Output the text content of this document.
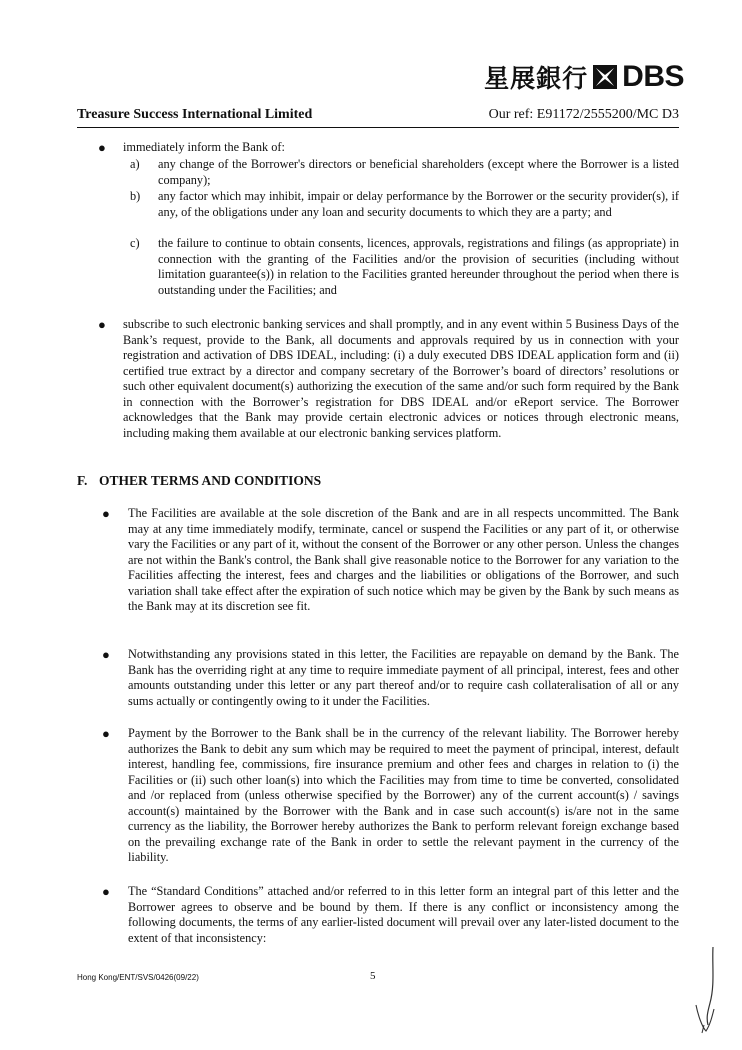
星展銀行 DBS
Treasure Success International Limited	Our ref: E91172/2555200/MC D3
● immediately inform the Bank of:
a) any change of the Borrower's directors or beneficial shareholders (except where the Borrower is a listed company);
b) any factor which may inhibit, impair or delay performance by the Borrower or the security provider(s), if any, of the obligations under any loan and security documents to which they are a party; and
c) the failure to continue to obtain consents, licences, approvals, registrations and filings (as appropriate) in connection with the granting of the Facilities and/or the provision of securities (including without limitation guarantee(s)) in relation to the Facilities granted hereunder throughout the period when there is outstanding under the Facilities; and
● subscribe to such electronic banking services and shall promptly, and in any event within 5 Business Days of the Bank’s request, provide to the Bank, all documents and approvals required by us in connection with your registration and activation of DBS IDEAL, including: (i) a duly executed DBS IDEAL application form and (ii) certified true extract by a director and company secretary of the Borrower’s board of directors’ resolutions or such other equivalent document(s) authorizing the execution of the same and/or such form required by the Bank in connection with the Borrower’s registration for DBS IDEAL and/or eReport service. The Borrower acknowledges that the Bank may provide certain electronic advices or notices through electronic means, including making them available at our electronic banking services platform.
F. OTHER TERMS AND CONDITIONS
● The Facilities are available at the sole discretion of the Bank and are in all respects uncommitted. The Bank may at any time immediately modify, terminate, cancel or suspend the Facilities or any part of it, or otherwise vary the Facilities or any part of it, without the consent of the Borrower or any other person. Unless the changes are not within the Bank's control, the Bank shall give reasonable notice to the Borrower for any variation to the Facilities affecting the interest, fees and charges and the liabilities or obligations of the Borrower, and such variation shall take effect after the expiration of such notice which may be given by the Bank by such means as the Bank may at its discretion see fit.
● Notwithstanding any provisions stated in this letter, the Facilities are repayable on demand by the Bank. The Bank has the overriding right at any time to require immediate payment of all principal, interest, fees and other amounts outstanding under this letter or any part thereof and/or to require cash collateralisation of all or any sums actually or contingently owing to it under the Facilities.
● Payment by the Borrower to the Bank shall be in the currency of the relevant liability. The Borrower hereby authorizes the Bank to debit any sum which may be required to meet the payment of principal, interest, default interest, handling fee, commissions, fire insurance premium and other fees and charges in relation to (i) the Facilities or (ii) such other loan(s) into which the Facilities may from time to time be converted, consolidated and /or replaced from (unless otherwise specified by the Borrower) any of the current account(s) / savings account(s) maintained by the Borrower with the Bank and in case such account(s) is/are not in the same currency as the liability, the Borrower hereby authorizes the Bank to perform relevant foreign exchange based on the prevailing exchange rate of the Bank in order to settle the relevant payment in the currency of the liability.
● The “Standard Conditions” attached and/or referred to in this letter form an integral part of this letter and the Borrower agrees to observe and be bound by them. If there is any conflict or inconsistency among the following documents, the terms of any earlier-listed document will prevail over any later-listed document to the extent of that inconsistency:
Hong Kong/ENT/SVS/0426(09/22)	5
